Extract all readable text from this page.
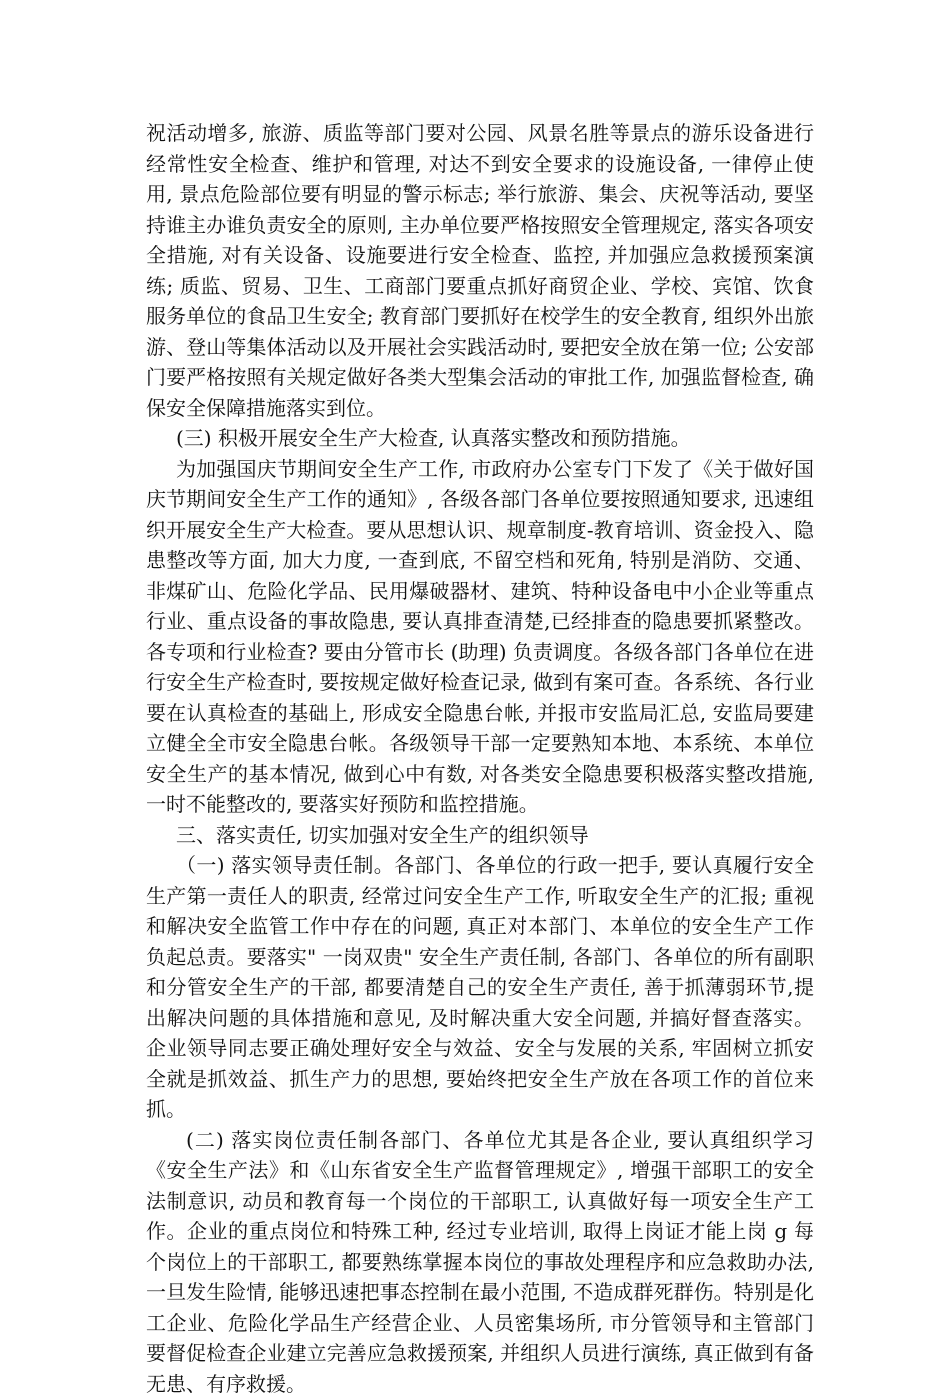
祝活动增多, 旅游、质监等部门要对公园、风景名胜等景点的游乐设备进行经常性安全检查、维护和管理, 对达不到安全要求的设施设备, 一律停止使用, 景点危险部位要有明显的警示标志; 举行旅游、集会、庆祝等活动, 要坚持谁主办谁负责安全的原则, 主办单位要严格按照安全管理规定, 落实各项安全措施, 对有关设备、设施要进行安全检查、监控, 并加强应急救援预案演练; 质监、贸易、卫生、工商部门要重点抓好商贸企业、学校、宾馆、饮食服务单位的食品卫生安全; 教育部门要抓好在校学生的安全教育, 组织外出旅游、登山等集体活动以及开展社会实践活动时, 要把安全放在第一位; 公安部门要严格按照有关规定做好各类大型集会活动的审批工作, 加强监督检查, 确保安全保障措施落实到位。

(三) 积极开展安全生产大检查, 认真落实整改和预防措施。

为加强国庆节期间安全生产工作, 市政府办公室专门下发了《关于做好国庆节期间安全生产工作的通知》, 各级各部门各单位要按照通知要求, 迅速组织开展安全生产大检查。要从思想认识、规章制度-教育培训、资金投入、隐患整改等方面, 加大力度, 一查到底, 不留空档和死角, 特别是消防、交通、非煤矿山、危险化学品、民用爆破器材、建筑、特种设备电中小企业等重点行业、重点设备的事故隐患, 要认真排查清楚,已经排查的隐患要抓紧整改。各专项和行业检查? 要由分管市长 (助理) 负责调度。各级各部门各单位在进行安全生产检查时, 要按规定做好检查记录, 做到有案可查。各系统、各行业要在认真检查的基础上, 形成安全隐患台帐, 并报市安监局汇总, 安监局要建立健全全市安全隐患台帐。各级领导干部一定要熟知本地、本系统、本单位安全生产的基本情况, 做到心中有数, 对各类安全隐患要积极落实整改措施, 一时不能整改的, 要落实好预防和监控措施。

三、落实责任, 切实加强对安全生产的组织领导

（一) 落实领导责任制。各部门、各单位的行政一把手, 要认真履行安全生产第一责任人的职责, 经常过问安全生产工作, 听取安全生产的汇报; 重视和解决安全监管工作中存在的问题, 真正对本部门、本单位的安全生产工作负起总责。要落实" 一岗双贵" 安全生产责任制, 各部门、各单位的所有副职和分管安全生产的干部, 都要清楚自己的安全生产责任, 善于抓薄弱环节,提出解决问题的具体措施和意见, 及时解决重大安全问题, 并搞好督查落实。 企业领导同志要正确处理好安全与效益、安全与发展的关系, 牢固树立抓安全就是抓效益、抓生产力的思想, 要始终把安全生产放在各项工作的首位来抓。

(二) 落实岗位责任制各部门、各单位尤其是各企业, 要认真组织学习《安全生产法》和《山东省安全生产监督管理规定》, 增强干部职工的安全法制意识, 动员和教育每一个岗位的干部职工, 认真做好每一项安全生产工作。企业的重点岗位和特殊工种, 经过专业培训, 取得上岗证才能上岗 g 每个岗位上的干部职工, 都要熟练掌握本岗位的事故处理程序和应急救助办法, 一旦发生险情, 能够迅速把事态控制在最小范围, 不造成群死群伤。特别是化工企业、危险化学品生产经营企业、人员密集场所, 市分管领导和主管部门要督促检查企业建立完善应急救援预案, 并组织人员进行演练, 真正做到有备无患、有序救援。
